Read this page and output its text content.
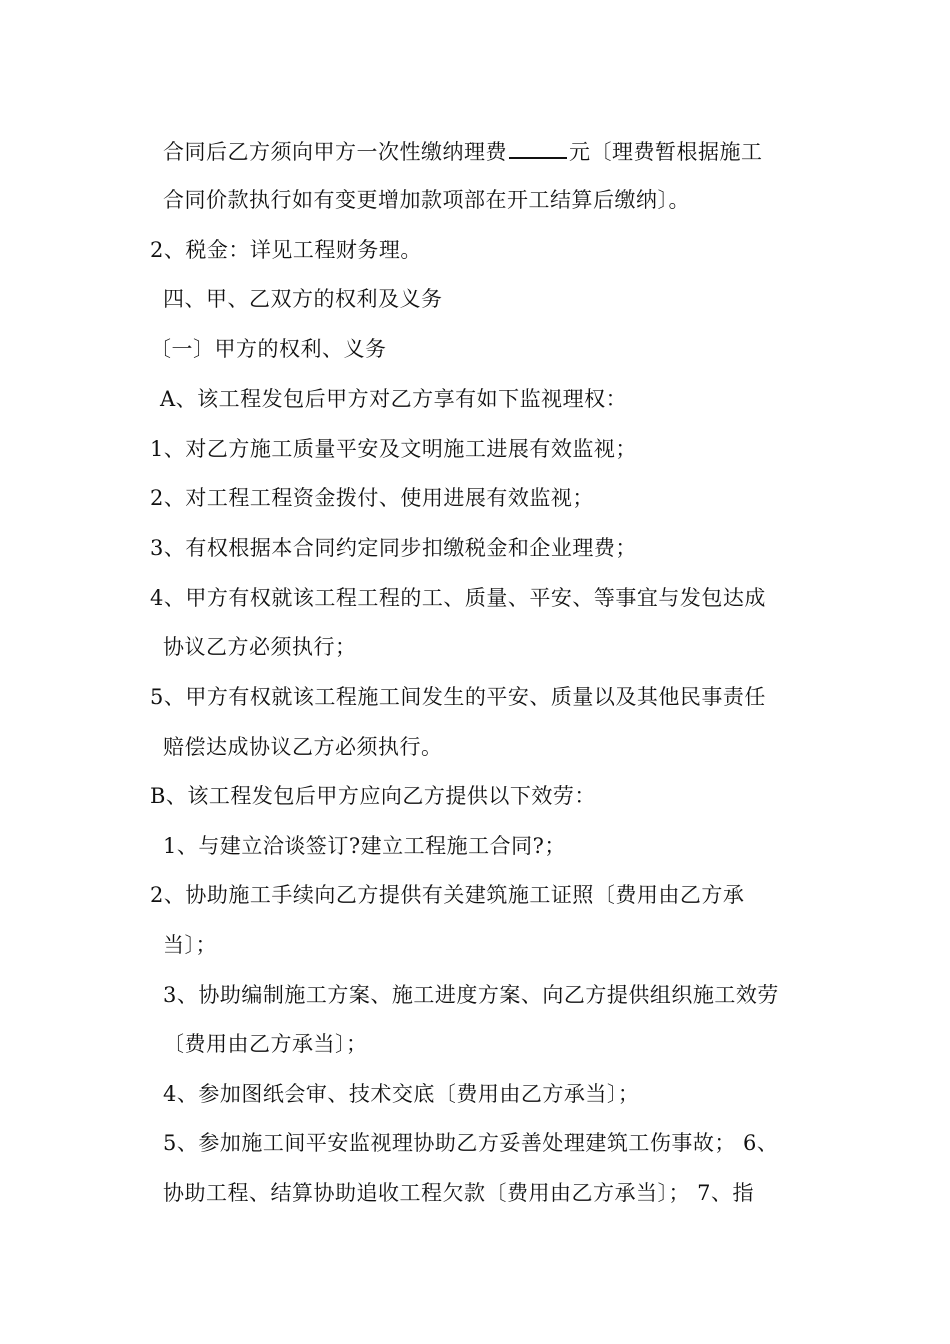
合同后乙方须向甲方一次性缴纳理费	元〔理费暂根据施工
合同价款执行如有变更增加款项部在开工结算后缴纳〕。
2、税金：详见工程财务理。
四、甲、乙双方的权利及义务
〔一〕甲方的权利、义务
A、该工程发包后甲方对乙方享有如下监视理权：
1、对乙方施工质量平安及文明施工进展有效监视；
2、对工程工程资金拨付、使用进展有效监视；
3、有权根据本合同约定同步扣缴税金和企业理费；
4、甲方有权就该工程工程的工、质量、平安、等事宜与发包达成
协议乙方必须执行；
5、甲方有权就该工程施工间发生的平安、质量以及其他民事责任
赔偿达成协议乙方必须执行。
B、该工程发包后甲方应向乙方提供以下效劳：
1、与建立洽谈签订?建立工程施工合同?；
2、协助施工手续向乙方提供有关建筑施工证照〔费用由乙方承
当〕；
3、协助编制施工方案、施工进度方案、向乙方提供组织施工效劳
〔费用由乙方承当〕；
4、参加图纸会审、技术交底〔费用由乙方承当〕；
5、参加施工间平安监视理协助乙方妥善处理建筑工伤事故； 6、
协助工程、结算协助追收工程欠款〔费用由乙方承当〕； 7、指
